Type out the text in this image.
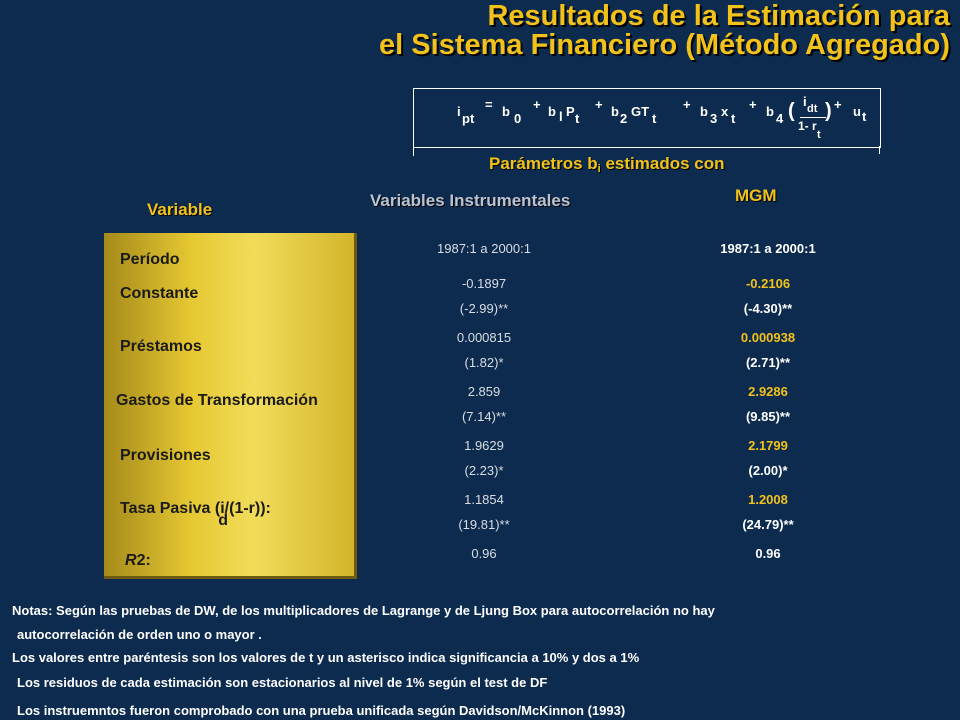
Resultados de la Estimación para
el Sistema Financiero (Método Agregado)
i pt
= b 0
+ b l P t
+ b 2 GT t
+ b 3 x t
+ b 4 ( i dt
1- r
t
) + u t
Parámetros bi estimados con
MGM
Variables Instrumentales
Variable
Período
Constante
Préstamos
Gastos de Transformación
Provisiones
Tasa Pasiva (i
d
/(1-r)):
R2:
1987:1 a 2000:1
-0.1897
(-2.99)**
0.000815
(1.82)*
2.859
(7.14)**
1.9629
(2.23)*
1.1854
(19.81)**
0.96
1987:1 a 2000:1
-0.2106
(-4.30)**
0.000938
(2.71)**
2.9286
(9.85)**
2.1799
(2.00)*
1.2008
(24.79)**
0.96
Notas: Según las pruebas de DW, de los multiplicadores de Lagrange y de Ljung Box para autocorrelación no hay
autocorrelación de orden uno o mayor .
Los valores entre paréntesis son los valores de t y un asterisco indica significancia a 10% y dos a 1%
Los residuos de cada estimación son estacionarios al nivel de 1% según el test de DF
Los instruemntos fueron comprobado con una prueba unificada según Davidson/McKinnon (1993)
